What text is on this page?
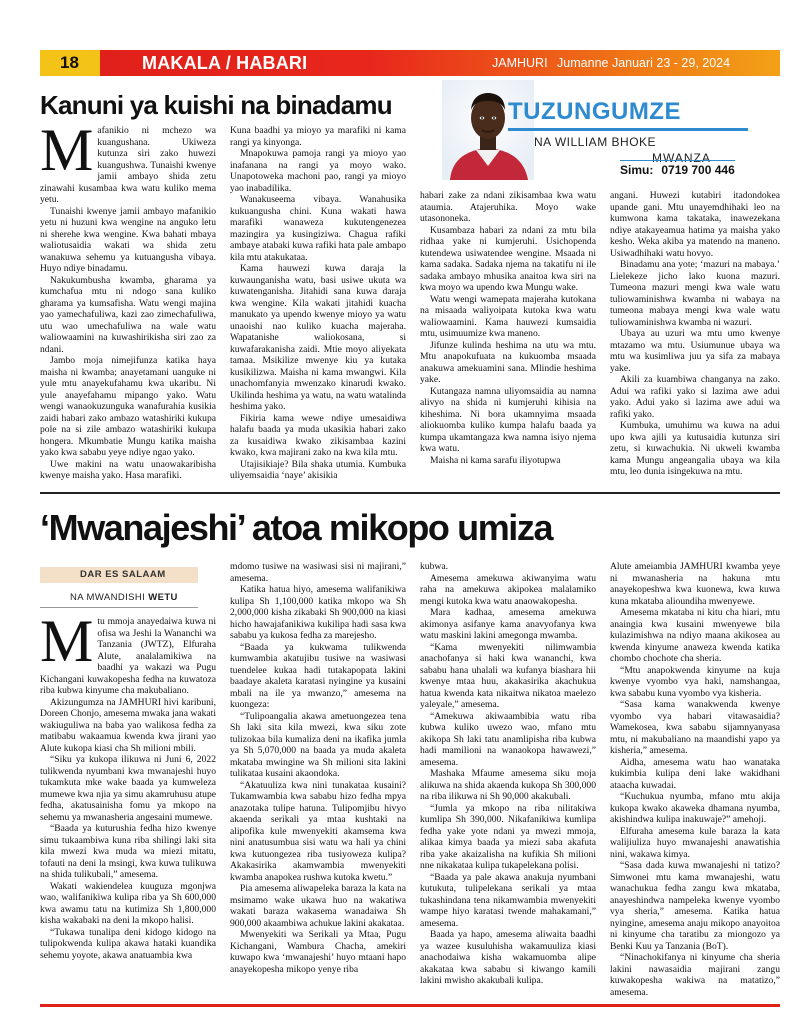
18	MAKALA / HABARI	JAMHURI Jumanne Januari 23 - 29, 2024
Kanuni ya kuishi na binadamu	TUZUNGUMZE
NA WILLIAM BHOKE
MWANZA
Simu: 0719 700 446
M afanikio ni mchezo wa kuangushana. Ukiweza kutunza siri zako huwezi kuangushwa. Tunaishi kwenye jamii ambayo shida zetu zinawahi kusambaa kwa watu kuliko mema yetu.

Tunaishi kwenye jamii ambayo mafanikio yetu ni huzuni kwa wengine na anguko letu ni sherehe kwa wengine. Kwa bahati mbaya waliotusaidia wakati wa shida zetu wanakuwa sehemu ya kutuangusha vibaya. Huyo ndiye binadamu.

Nakukumbusha kwamba, gharama ya kumchafua mtu ni ndogo sana kuliko gharama ya kumsafisha. Watu wengi majina yao yamechafuliwa, kazi zao zimechafuliwa, utu wao umechafuliwa na wale watu waliowaamini na kuwashirikisha siri zao za ndani.

Jambo moja nimejifunza katika haya maisha ni kwamba; anayetamani uanguke ni yule mtu anayekufahamu kwa ukaribu. Ni yule anayefahamu mipango yako. Watu wengi wanaokuzunguka wanafurahia kusikia zaidi habari zako ambazo watashiriki kukupa pole na si zile ambazo watashiriki kukupa hongera. Mkumbatie Mungu katika maisha yako kwa sababu yeye ndiye ngao yako.

Uwe makini na watu unaowakaribisha kwenye maisha yako. Hasa marafiki.

Kuna baadhi ya mioyo ya marafiki ni kama rangi ya kinyonga.

Mnapokuwa pamoja rangi ya mioyo yao inafanana na rangi ya moyo wako. Unapotoweka machoni pao, rangi ya mioyo yao inabadilika.

Wanakuseema vibaya. Wanahusika kukuangusha chini. Kuna wakati hawa marafiki wanaweza kukutengenezea mazingira ya kusingiziwa. Chagua rafiki ambaye atabaki kuwa rafiki hata pale ambapo kila mtu atakukataa.

Kama hauwezi kuwa daraja la kuwaunganisha watu, basi usiwe ukuta wa kuwatenganisha. Jitahidi sana kuwa daraja kwa wengine. Kila wakati jitahidi kuacha manukato ya upendo kwenye mioyo ya watu unaoishi nao kuliko kuacha majeraha. Wapatanishe waliokosana, si kuwafarakanisha zaidi. Mtie moyo aliyekata tamaa. Msikilize mwenye kiu ya kutaka kusikilizwa. Maisha ni kama mwangwi. Kila unachomfanyia mwenzako kinarudi kwako. Ukilinda heshima ya watu, na watu watalinda heshima yako.

Fikiria kama wewe ndiye umesaidiwa halafu baada ya muda ukasikia habari zako za kusaidiwa kwako zikisambaa kazini kwako, kwa majirani zako na kwa kila mtu.

Utajisikiaje? Bila shaka utumia. Kumbuka uliyemsaidia ‘naye’ akisikia

habari zake za ndani zikisambaa kwa watu ataumia. Atajeruhika. Moyo wake utasononeka.

Kusambaza habari za ndani za mtu bila ridhaa yake ni kumjeruhi. Usichopenda kutendewa usiwatendee wengine. Msaada ni kama sadaka. Sadaka njema na takatifu ni ile sadaka ambayo mhusika anaitoa kwa siri na kwa moyo wa upendo kwa Mungu wake.

Watu wengi wamepata majeraha kutokana na misaada waliyoipata kutoka kwa watu waliowaamini. Kama hauwezi kumsaidia mtu, usimuumize kwa maneno.

Jifunze kulinda heshima na utu wa mtu. Mtu anapokufuata na kukuomba msaada anakuwa amekuamini sana. Mlindie heshima yake.

Kutangaza namna uliyomsaidia au namna alivyo na shida ni kumjeruhi kihisia na kiheshima. Ni bora ukamnyima msaada aliokuomba kuliko kumpa halafu baada ya kumpa ukamtangaza kwa namna isiyo njema kwa watu.

Maisha ni kama sarafu iliyotupwa

angani. Huwezi kutabiri itadondokea upande gani. Mtu unayemdhihaki leo na kumwona kama takataka, inawezekana ndiye atakayeamua hatima ya maisha yako kesho. Weka akiba ya matendo na maneno. Usiwadhihaki watu hovyo.

Binadamu ana yote; ‘mazuri na mabaya.’ Lielekeze jicho lako kuona mazuri. Tumeona mazuri mengi kwa wale watu tuliowaminishwa kwamba ni wabaya na tumeona mabaya mengi kwa wale watu tuliowaminishwa kwamba ni wazuri.

Ubaya au uzuri wa mtu umo kwenye mtazamo wa mtu. Usiumunue ubaya wa mtu wa kusimliwa juu ya sifa za mabaya yake.

Akili za kuambiwa changanya na zako. Adui wa rafiki yako si lazima awe adui yako. Adui yako si lazima awe adui wa rafiki yako.

Kumbuka, umuhimu wa kuwa na adui upo kwa ajili ya kutusaidia kutunza siri zetu, si kuwachukia. Ni ukweli kwamba kama Mungu angeangalia ubaya wa kila mtu, leo dunia isingekuwa na mtu.

‘Mwanajeshi’ atoa mikopo umiza
DAR ES SALAAM
NA MWANDISHI WETU
M tu mmoja anayedaiwa kuwa ni ofisa wa Jeshi la Wananchi wa Tanzania (JWTZ), Elfuraha Alute, analalamikiwa na baadhi ya wakazi wa Pugu Kichangani kuwakopesha fedha na kuwatoza riba kubwa kinyume cha makubaliano.

Akizungumza na JAMHURI hivi karibuni, Doreen Chonjo, amesema mwaka jana wakati wakiuguliwa na baba yao walikosa fedha za matibabu wakaamua kwenda kwa jirani yao Alute kukopa kiasi cha Sh milioni mbili.

“Siku ya kukopa ilikuwa ni Juni 6, 2022 tulikwenda nyumbani kwa mwanajeshi huyo tukamkuta mke wake baada ya kumweleza mumewe kwa njia ya simu akamruhusu atupe fedha, akatusainisha fomu ya mkopo na sehemu ya mwanasheria angesaini mumewe.

“Baada ya kuturushia fedha hizo kwenye simu tukaambiwa kuna riba shilingi laki sita kila mwezi kwa muda wa miezi mitatu, tofauti na deni la msingi, kwa kuwa tulikuwa na shida tulikubali,” amesema.

Wakati wakiendelea kuuguza mgonjwa wao, walifanikiwa kulipa riba ya Sh 600,000 kwa awamu tatu na kutimiza Sh 1,800,000 kisha wakabaki na deni la mkopo halisi.

“Tukawa tunalipa deni kidogo kidogo na tulipokwenda kulipa akawa hataki kuandika sehemu yoyote, akawa anatuambia kwa

mdomo tusiwe na wasiwasi sisi ni majirani,” amesema.

Katika hatua hiyo, amesema walifanikiwa kulipa Sh 1,100,000 katika mkopo wa Sh 2,000,000 kisha zikabaki Sh 900,000 na kiasi hicho hawajafanikiwa kukilipa hadi sasa kwa sababu ya kukosa fedha za marejesho.

“Baada ya kukwama tulikwenda kumwambia akatujibu tusiwe na wasiwasi tuendelee kukaa hadi tutakapopata lakini baadaye akaleta karatasi nyingine ya kusaini mbali na ile ya mwanzo,” amesema na kuongeza:

“Tulipoangalia akawa ametuongezea tena Sh laki sita kila mwezi, kwa siku zote tulizokaa bila kumaliza deni na ikafika jumla ya Sh 5,070,000 na baada ya muda akaleta mkataba mwingine wa Sh milioni sita lakini tulikataa kusaini akaondoka.

“Akatuuliza kwa nini tunakataa kusaini? Tukamwambia kwa sababu hizo fedha mpya anazotaka tulipe hatuna. Tulipomjibu hivyo akaenda serikali ya mtaa kushtaki na alipofika kule mwenyekiti akamsema kwa nini anatusumbua sisi watu wa hali ya chini kwa kutuongezea riba tusiyoweza kulipa? Akakasirika akamwambia mwenyekiti kwamba anapokea rushwa kutoka kwetu.”

Pia amesema aliwapeleka baraza la kata na msimamo wake ukawa huo na wakatiwa wakati baraza wakasema wanadaiwa Sh 900,000 akaambiwa achukue lakini akakataa.

Mwenyekiti wa Serikali ya Mtaa, Pugu Kichangani, Wambura Chacha, amekiri kuwapo kwa ‘mwanajeshi’ huyo mtaani hapo anayekopesha mikopo yenye riba

kubwa.

Amesema amekuwa akiwanyima watu raha na amekuwa akipokea malalamiko mengi kutoka kwa watu anaowakopesha.

Mara kadhaa, amesema amekuwa akimonya asifanye kama anavyofanya kwa watu maskini lakini amegonga mwamba.

“Kama mwenyekiti nilimwambia anachofanya si haki kwa wananchi, kwa sababu hana uhalali wa kufanya biashara hii kwenye mtaa huu, akakasirika akachukua hatua kwenda kata nikaitwa nikatoa maelezo yaleyale,” amesema.

“Amekuwa akiwaambibia watu riba kubwa kuliko uwezo wao, mfano mtu akikopa Sh laki tatu anamlipisha riba kubwa hadi mamilioni na wanaokopa hawawezi,” amesema.

Mashaka Mfaume amesema siku moja alikuwa na shida akaenda kukopa Sh 300,000 na riba ilikuwa ni Sh 90,000 akakubali.

“Jumla ya mkopo na riba nilitakiwa kumlipa Sh 390,000. Nikafanikiwa kumlipa fedha yake yote ndani ya mwezi mmoja, alikaa kimya baada ya miezi saba akafuta riba yake akaizalisha na kufikia Sh milioni nne nikakataa kulipa tukapelekana polisi.

“Baada ya pale akawa anakuja nyumbani kutukuta, tulipelekana serikali ya mtaa tukashindana tena nikamwambia mwenyekiti wampe hiyo karatasi twende mahakamani,” amesema.

Baada ya hapo, amesema aliwaita baadhi ya wazee kusuluhisha wakamuuliza kiasi anachodaiwa kisha wakamuomba alipe akakataa kwa sababu si kiwango kamili lakini mwisho akakubali kulipa.

Alute ameiambia JAMHURI kwamba yeye ni mwanasheria na hakuna mtu anayekopeshwa kwa kuonewa, kwa kuwa kuna mkataba alioundiha mwenyewe.

Amesema mkataba ni kitu cha hiari, mtu anaingia kwa kusaini mwenyewe bila kulazimishwa na ndiyo maana akikosea au kwenda kinyume anaweza kwenda katika chombo chochote cha sheria.

“Mtu anapokwenda kinyume na kuja kwenye vyombo vya haki, namshangaa, kwa sababu kuna vyombo vya kisheria.

“Sasa kama wanakwenda kwenye vyombo vya habari vitawasaidia? Wamekosea, kwa sababu sijamnyanyasa mtu, ni makubaliano na maandishi yapo ya kisheria,” amesema.

Aidha, amesema watu hao wanataka kukimbia kulipa deni lake wakidhani ataacha kuwadai.

“Kuchukua nyumba, mfano mtu akija kukopa kwako akaweka dhamana nyumba, akishindwa kulipa inakuwaje?” amehoji.

Elfuraha amesema kule baraza la kata walijiuliza huyo mwanajeshi anawatishia nini, wakawa kimya.

“Sasa dada kuwa mwanajeshi ni tatizo? Simwonei mtu kama mwanajeshi, watu wanachukua fedha zangu kwa mkataba, anayeshindwa nampeleka kwenye vyombo vya sheria,” amesema. Katika hatua nyingine, amesema anaju mikopo anayoitoa ni kinyume cha taratibu za miongozo ya Benki Kuu ya Tanzania (BoT).

“Ninachokifanya ni kinyume cha sheria lakini nawasaidia majirani zangu kuwakopesha wakiwa na matatizo,” amesema.
